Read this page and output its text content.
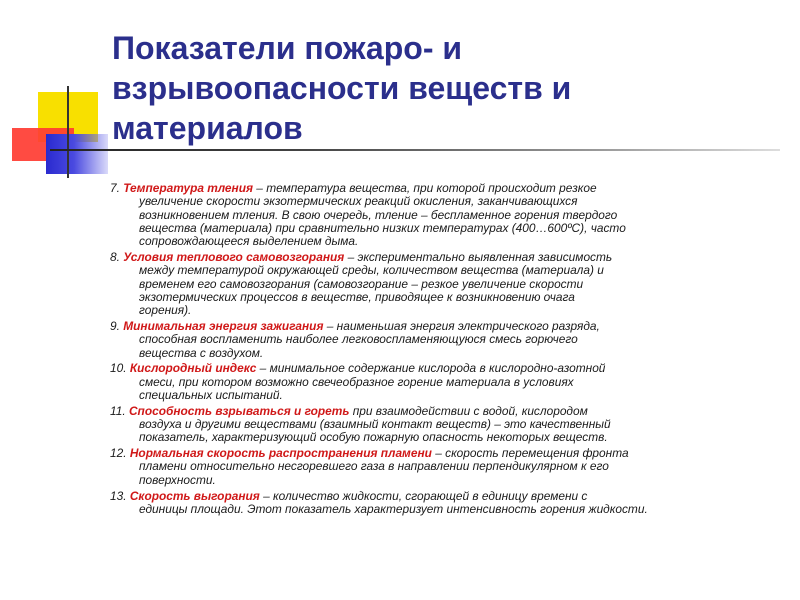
Показатели пожаро- и
взрывоопасности веществ и
материалов

7. Температура тления – температура вещества, при которой происходит резкое

увеличение скорости экзотермических реакций окисления, заканчивающихся

возникновением тления. В свою очередь, тление – беспламенное горения твердого

вещества (материала) при сравнительно низких температурах (400…600ºС), часто

сопровождающееся выделением дыма.

8. Условия теплового самовозгорания – экспериментально выявленная зависимость

между температурой окружающей среды, количеством вещества (материала) и

временем его самовозгорания (самовозгорание – резкое увеличение скорости

экзотермических процессов в веществе, приводящее к возникновению очага

горения).

9. Минимальная энергия зажигания – наименьшая энергия электрического разряда,

способная воспламенить наиболее легковоспламеняющуюся смесь горючего

вещества с воздухом.

10. Кислородный индекс – минимальное содержание кислорода в кислородно-азотной

смеси, при котором возможно свечеобразное горение материала в условиях

специальных испытаний.

11. Способность взрываться и гореть при взаимодействии с водой, кислородом

воздуха и другими веществами (взаимный контакт веществ) – это качественный

показатель, характеризующий особую пожарную опасность некоторых веществ.

12. Нормальная скорость распространения пламени – скорость перемещения фронта

пламени относительно несгоревшего газа в направлении перпендикулярном к его

поверхности.

13. Скорость выгорания – количество жидкости, сгорающей в единицу времени с

единицы площади. Этот показатель характеризует интенсивность горения жидкости.
